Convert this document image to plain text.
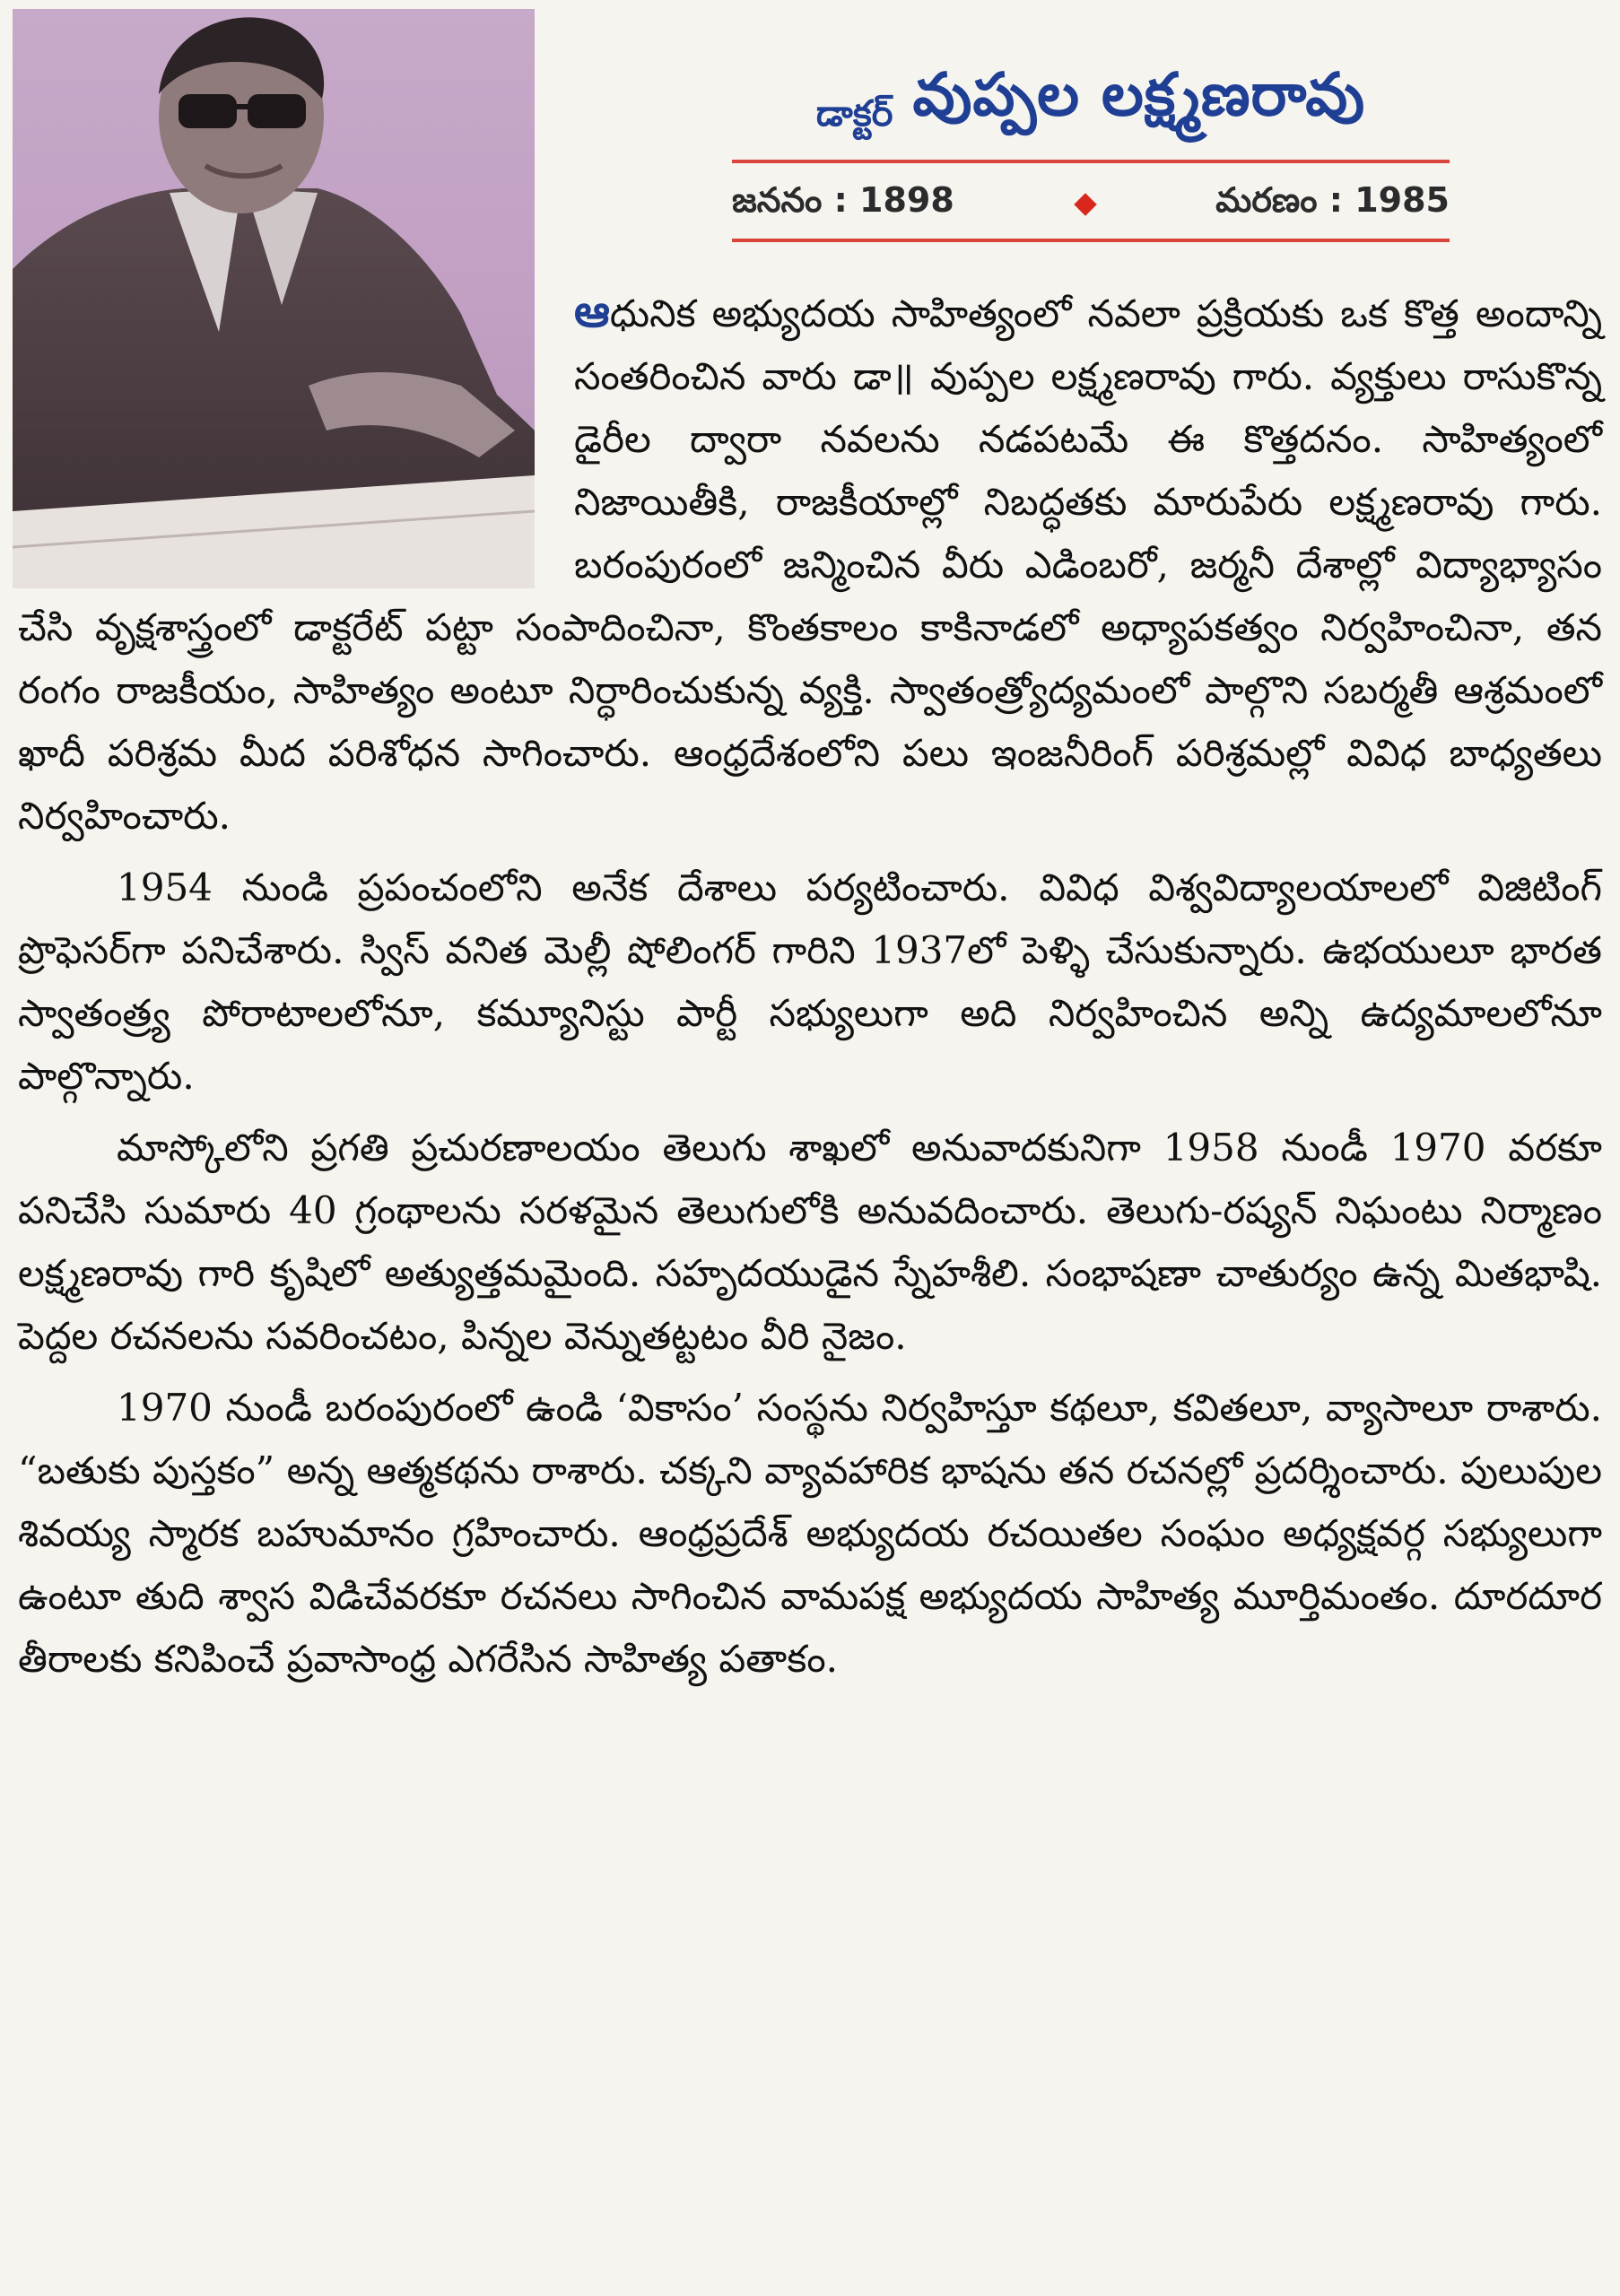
డాక్టర్ వుప్పల లక్ష్మణరావు
జననం : 1898	మరణం : 1985

ఆధునిక అభ్యుదయ సాహిత్యంలో నవలా ప్రక్రియకు ఒక కొత్త అందాన్ని సంతరించిన వారు డా॥ వుప్పల లక్ష్మణరావు గారు. వ్యక్తులు రాసుకొన్న డైరీల ద్వారా నవలను నడపటమే ఈ కొత్తదనం. సాహిత్యంలో నిజాయితీకి, రాజకీయాల్లో నిబద్ధతకు మారుపేరు లక్ష్మణరావు గారు. బరంపురంలో జన్మించిన వీరు ఎడింబరో, జర్మనీ దేశాల్లో విద్యాభ్యాసం చేసి వృక్షశాస్త్రంలో డాక్టరేట్ పట్టా సంపాదించినా, కొంతకాలం కాకినాడలో అధ్యాపకత్వం నిర్వహించినా, తన రంగం రాజకీయం, సాహిత్యం అంటూ నిర్ధారించుకున్న వ్యక్తి. స్వాతంత్ర్యోద్యమంలో పాల్గొని సబర్మతీ ఆశ్రమంలో ఖాదీ పరిశ్రమ మీద పరిశోధన సాగించారు. ఆంధ్రదేశంలోని పలు ఇంజనీరింగ్ పరిశ్రమల్లో వివిధ బాధ్యతలు నిర్వహించారు.

1954 నుండి ప్రపంచంలోని అనేక దేశాలు పర్యటించారు. వివిధ విశ్వవిద్యాలయాలలో విజిటింగ్ ప్రొఫెసర్‌గా పనిచేశారు. స్విస్ వనిత మెల్లీ షోలింగర్ గారిని 1937లో పెళ్ళి చేసుకున్నారు. ఉభయులూ భారత స్వాతంత్ర్య పోరాటాలలోనూ, కమ్యూనిస్టు పార్టీ సభ్యులుగా అది నిర్వహించిన అన్ని ఉద్యమాలలోనూ పాల్గొన్నారు.

మాస్కోలోని ప్రగతి ప్రచురణాలయం తెలుగు శాఖలో అనువాదకునిగా 1958 నుండీ 1970 వరకూ పనిచేసి సుమారు 40 గ్రంథాలను సరళమైన తెలుగులోకి అనువదించారు. తెలుగు-రష్యన్ నిఘంటు నిర్మాణం లక్ష్మణరావు గారి కృషిలో అత్యుత్తమమైంది. సహృదయుడైన స్నేహశీలి. సంభాషణా చాతుర్యం ఉన్న మితభాషి. పెద్దల రచనలను సవరించటం, పిన్నల వెన్నుతట్టటం వీరి నైజం.

1970 నుండీ బరంపురంలో ఉండి ‘వికాసం’ సంస్థను నిర్వహిస్తూ కథలూ, కవితలూ, వ్యాసాలూ రాశారు. “బతుకు పుస్తకం” అన్న ఆత్మకథను రాశారు. చక్కని వ్యావహారిక భాషను తన రచనల్లో ప్రదర్శించారు. పులుపుల శివయ్య స్మారక బహుమానం గ్రహించారు. ఆంధ్రప్రదేశ్ అభ్యుదయ రచయితల సంఘం అధ్యక్షవర్గ సభ్యులుగా ఉంటూ తుది శ్వాస విడిచేవరకూ రచనలు సాగించిన వామపక్ష అభ్యుదయ సాహిత్య మూర్తిమంతం. దూరదూర తీరాలకు కనిపించే ప్రవాసాంధ్ర ఎగరేసిన సాహిత్య పతాకం.
